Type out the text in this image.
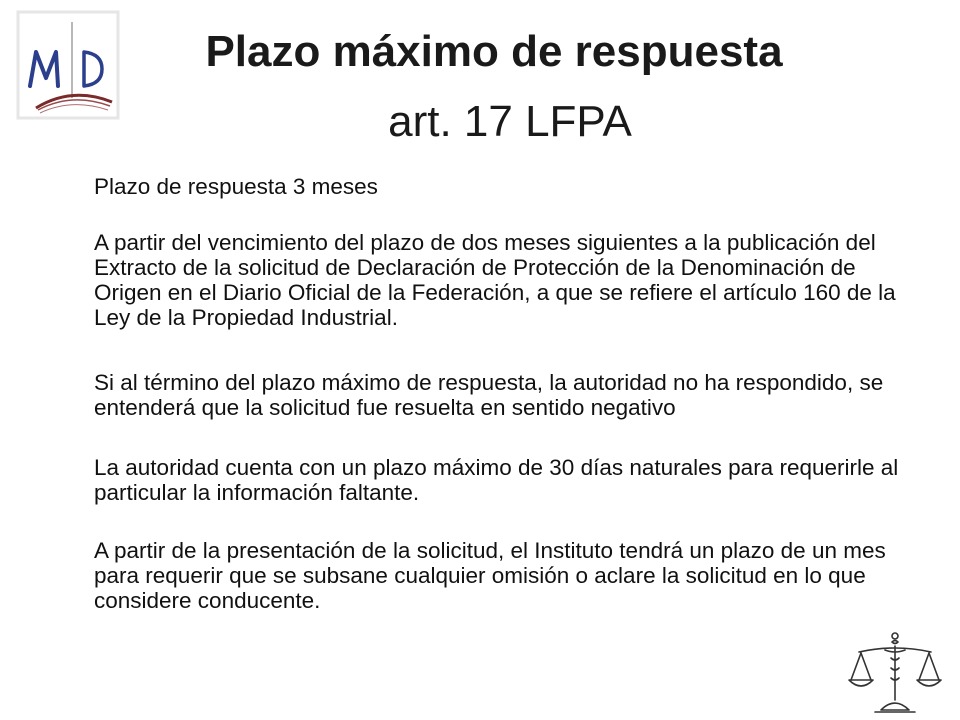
Plazo máximo de respuesta
art. 17 LFPA
Plazo de respuesta 3 meses
A partir del vencimiento del plazo de dos meses siguientes a la publicación del Extracto de la solicitud de Declaración de Protección de la Denominación de Origen en el Diario Oficial de la Federación, a que se refiere el artículo 160 de la Ley de la Propiedad Industrial.
Si al término del plazo máximo de respuesta, la autoridad no ha respondido, se entenderá que la solicitud fue resuelta en sentido negativo
La autoridad cuenta con un plazo máximo de 30 días naturales para requerirle al particular la información faltante.
A partir de la presentación de la solicitud, el Instituto tendrá un plazo de un mes para requerir que se subsane cualquier omisión o aclare la solicitud en lo que considere conducente.
